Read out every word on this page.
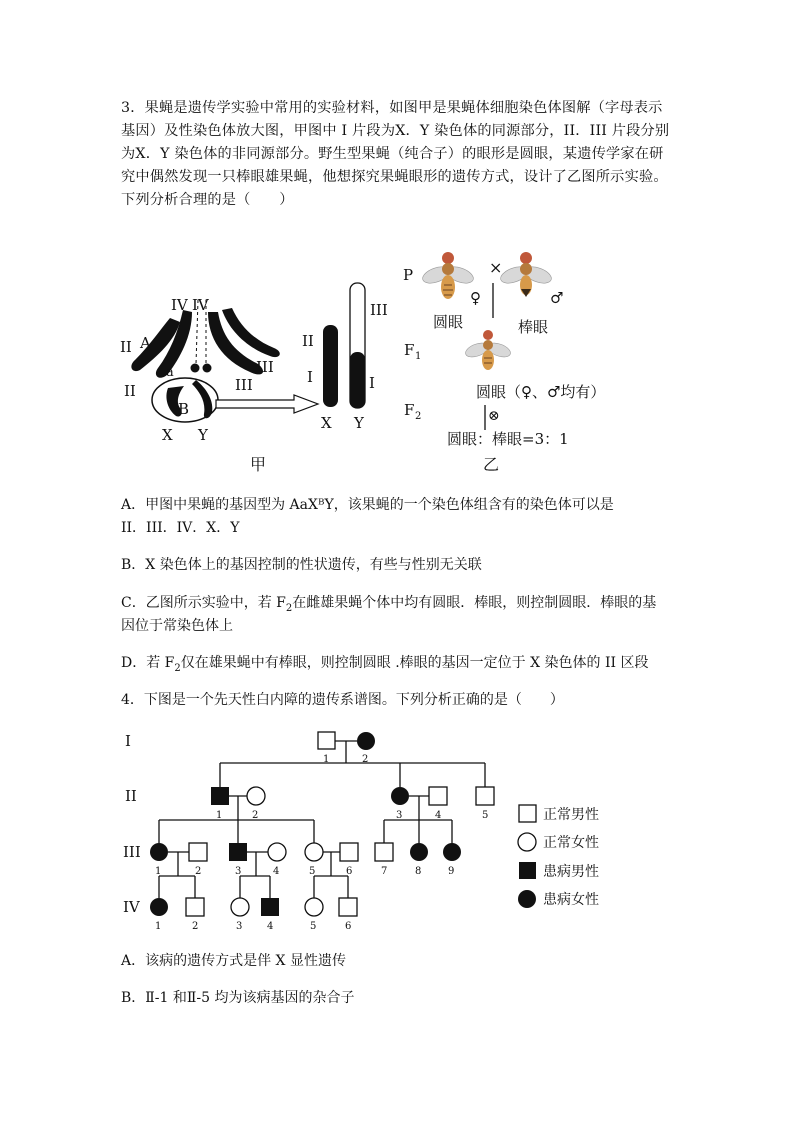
3．果蝇是遗传学实验中常用的实验材料，如图甲是果蝇体细胞染色体图解（字母表示
基因）及性染色体放大图，甲图中 I 片段为X．Y 染色体的同源部分，II．III 片段分别
为X．Y 染色体的非同源部分。野生型果蝇（纯合子）的眼形是圆眼，某遗传学家在研
究中偶然发现一只棒眼雄果蝇，他想探究果蝇眼形的遗传方式，设计了乙图所示实验。
下列分析合理的是（　　）
IV IV
II A
a
II
III
III
B
X Y
II
I	I
III
X Y
甲
P	×
♀	♂
圆眼	棒眼
F 1
圆眼（♀、♂均有）
F 2	⊗
圆眼：棒眼=3：1
乙
A．甲图中果蝇的基因型为 AaXᴮY，该果蝇的一个染色体组含有的染色体可以是
II．III．IV．X．Y
B．X 染色体上的基因控制的性状遗传，有些与性别无关联
C．乙图所示实验中，若 $F_2$在雌雄果蝇个体中均有圆眼．棒眼，则控制圆眼．棒眼的基
因位于常染色体上
D．若 $F_2$仅在雄果蝇中有棒眼，则控制圆眼 .棒眼的基因一定位于 X 染色体的 II 区段
4．下图是一个先天性白内障的遗传系谱图。下列分析正确的是（　　）
I
II
III
IV
1	2
1	2	3	4	5
1	2	3	4	5	6	7	8	9
1	2	3 4	5	6
正常男性
正常女性
患病男性
患病女性
A．该病的遗传方式是伴 X 显性遗传
B．Ⅱ-1 和Ⅱ-5 均为该病基因的杂合子
